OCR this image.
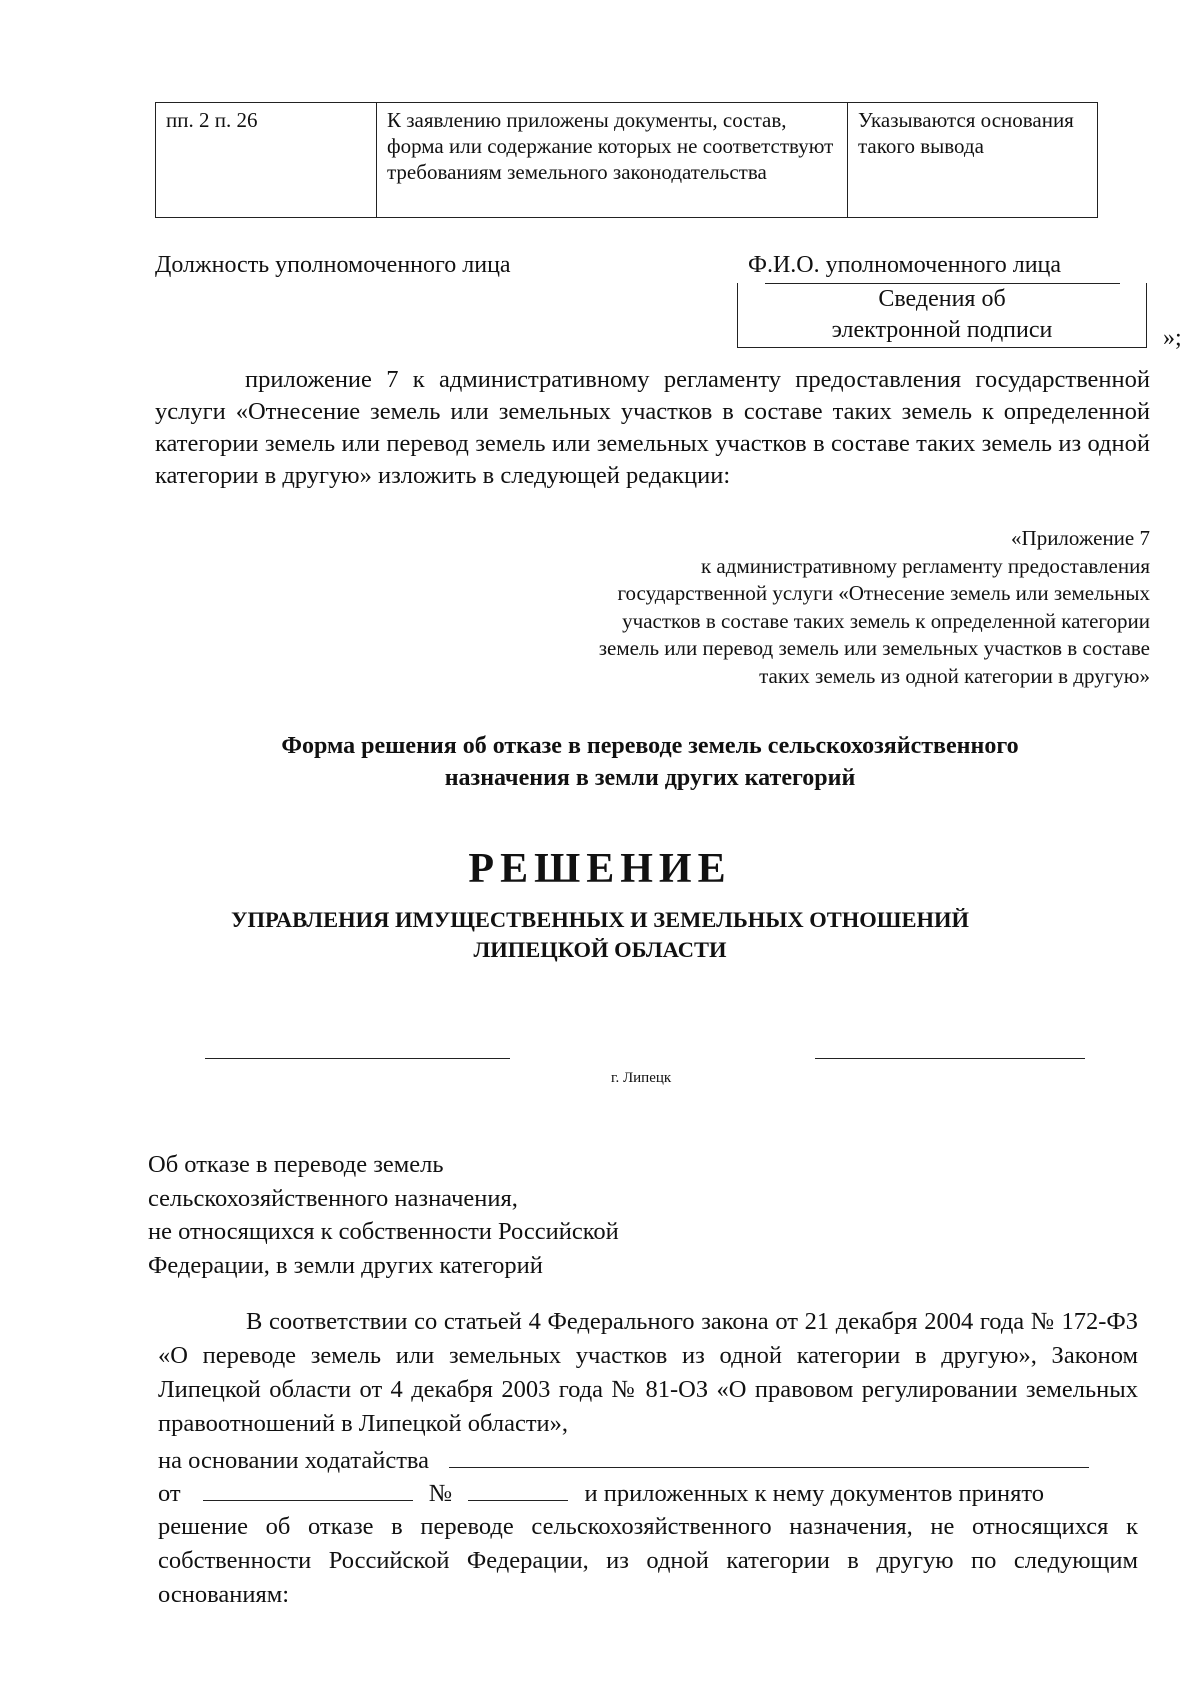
пп. 2 п. 26	К заявлению приложены документы, состав, форма или содержание которых не соответствуют требованиям земельного законодательства	Указываются основания такого вывода
Должность уполномоченного лица	Ф.И.О. уполномоченного лица
Сведения об
электронной подписи	»;
приложение 7 к административному регламенту предоставления государственной услуги «Отнесение земель или земельных участков в составе таких земель к определенной категории земель или перевод земель или земельных участков в составе таких земель из одной категории в другую» изложить в следующей редакции:
«Приложение 7
к административному регламенту предоставления
государственной услуги «Отнесение земель или земельных
участков в составе таких земель к определенной категории
земель или перевод земель или земельных участков в составе
таких земель из одной категории в другую»
Форма решения об отказе в переводе земель сельскохозяйственного
назначения в земли других категорий
РЕШЕНИЕ
УПРАВЛЕНИЯ ИМУЩЕСТВЕННЫХ И ЗЕМЕЛЬНЫХ ОТНОШЕНИЙ
ЛИПЕЦКОЙ ОБЛАСТИ
г. Липецк
Об отказе в переводе земель
сельскохозяйственного назначения,
не относящихся к собственности Российской
Федерации, в земли других категорий
В соответствии со статьей 4 Федерального закона от 21 декабря 2004 года № 172-ФЗ «О переводе земель или земельных участков из одной категории в другую», Законом Липецкой области от 4 декабря 2003 года № 81-ОЗ «О правовом регулировании земельных правоотношений в Липецкой области»,
на основании ходатайства
от	№	и приложенных к нему документов принято
решение об отказе в переводе сельскохозяйственного назначения, не относящихся к собственности Российской Федерации, из одной категории в другую по следующим основаниям:
